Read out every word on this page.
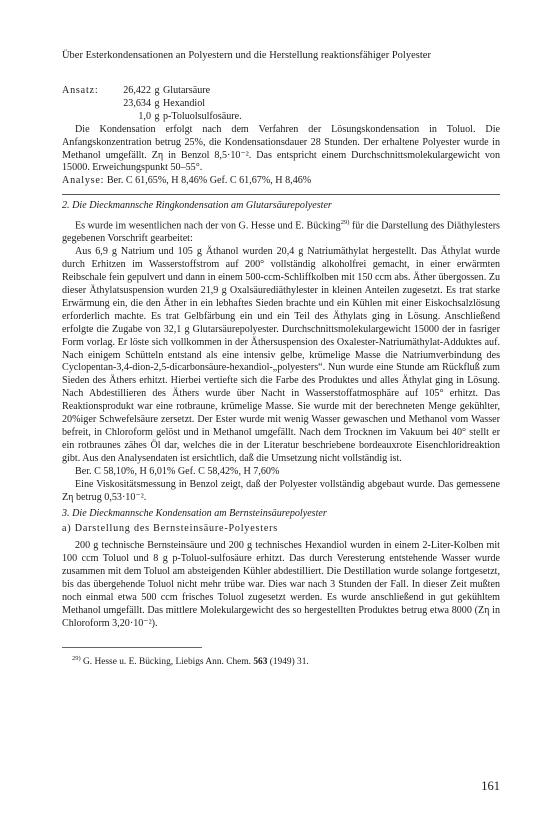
Über Esterkondensationen an Polyestern und die Herstellung reaktionsfähiger Polyester
Ansatz:	26,422 g Glutarsäure
23,634 g Hexandiol
1,0 g p-Toluolsulfosäure.

Die Kondensation erfolgt nach dem Verfahren der Lösungskondensation in Toluol. Die Anfangskonzentration betrug 25%, die Kondensationsdauer 28 Stunden. Der erhaltene Polyester wurde in Methanol umgefällt. Zη in Benzol 8,5·10⁻². Das entspricht einem Durchschnittsmolekulargewicht von 15000. Erweichungspunkt 50–55°.

Analyse: Ber. C 61,65%, H 8,46% Gef. C 61,67%, H 8,46%

2. Die Dieckmannsche Ringkondensation am Glutarsäurepolyester

Es wurde im wesentlichen nach der von G. Hesse und E. Bücking$^{29)}$ für die Darstellung des Diäthylesters gegebenen Vorschrift gearbeitet:

Aus 6,9 g Natrium und 105 g Äthanol wurden 20,4 g Natriumäthylat hergestellt. Das Äthylat wurde durch Erhitzen im Wasserstoffstrom auf 200° vollständig alkoholfrei gemacht, in einer erwärmten Reibschale fein gepulvert und dann in einem 500-ccm-Schliffkolben mit 150 ccm abs. Äther übergossen. Zu dieser Äthylatsuspension wurden 21,9 g Oxalsäurediäthylester in kleinen Anteilen zugesetzt. Es trat starke Erwärmung ein, die den Äther in ein lebhaftes Sieden brachte und ein Kühlen mit einer Eiskochsalzlösung erforderlich machte. Es trat Gelbfärbung ein und ein Teil des Äthylats ging in Lösung. Anschließend erfolgte die Zugabe von 32,1 g Glutarsäurepolyester. Durchschnittsmolekulargewicht 15000 der in fasriger Form vorlag. Er löste sich vollkommen in der Äthersuspension des Oxalester-Natriumäthylat-Adduktes auf. Nach einigem Schütteln entstand als eine intensiv gelbe, krümelige Masse die Natriumverbindung des Cyclopentan-3,4-dion-2,5-dicarbonsäure-hexandiol-„polyesters“. Nun wurde eine Stunde am Rückfluß zum Sieden des Äthers erhitzt. Hierbei vertiefte sich die Farbe des Produktes und alles Äthylat ging in Lösung. Nach Abdestillieren des Äthers wurde über Nacht in Wasserstoffatmosphäre auf 105° erhitzt. Das Reaktionsprodukt war eine rotbraune, krümelige Masse. Sie wurde mit der berechneten Menge gekühlter, 20%iger Schwefelsäure zersetzt. Der Ester wurde mit wenig Wasser gewaschen und Methanol vom Wasser befreit, in Chloroform gelöst und in Methanol umgefällt. Nach dem Trocknen im Vakuum bei 40° stellt er ein rotbraunes zähes Öl dar, welches die in der Literatur beschriebene bordeauxrote Eisenchloridreaktion gibt. Aus den Analysendaten ist ersichtlich, daß die Umsetzung nicht vollständig ist.

Ber. C 58,10%, H 6,01% Gef. C 58,42%, H 7,60%

Eine Viskositätsmessung in Benzol zeigt, daß der Polyester vollständig abgebaut wurde. Das gemessene Zη betrug 0,53·10⁻².

3. Die Dieckmannsche Kondensation am Bernsteinsäurepolyester

a) Darstellung des Bernsteinsäure-Polyesters

200 g technische Bernsteinsäure und 200 g technisches Hexandiol wurden in einem 2-Liter-Kolben mit 100 ccm Toluol und 8 g p-Toluol-sulfosäure erhitzt. Das durch Veresterung entstehende Wasser wurde zusammen mit dem Toluol am absteigenden Kühler abdestilliert. Die Destillation wurde solange fortgesetzt, bis das übergehende Toluol nicht mehr trübe war. Dies war nach 3 Stunden der Fall. In dieser Zeit mußten noch einmal etwa 500 ccm frisches Toluol zugesetzt werden. Es wurde anschließend in gut gekühltem Methanol umgefällt. Das mittlere Molekulargewicht des so hergestellten Produktes betrug etwa 8000 (Zη in Chloroform 3,20·10⁻²).

$^{29)}$ G. Hesse u. E. Bücking, Liebigs Ann. Chem. 563 (1949) 31.
161
